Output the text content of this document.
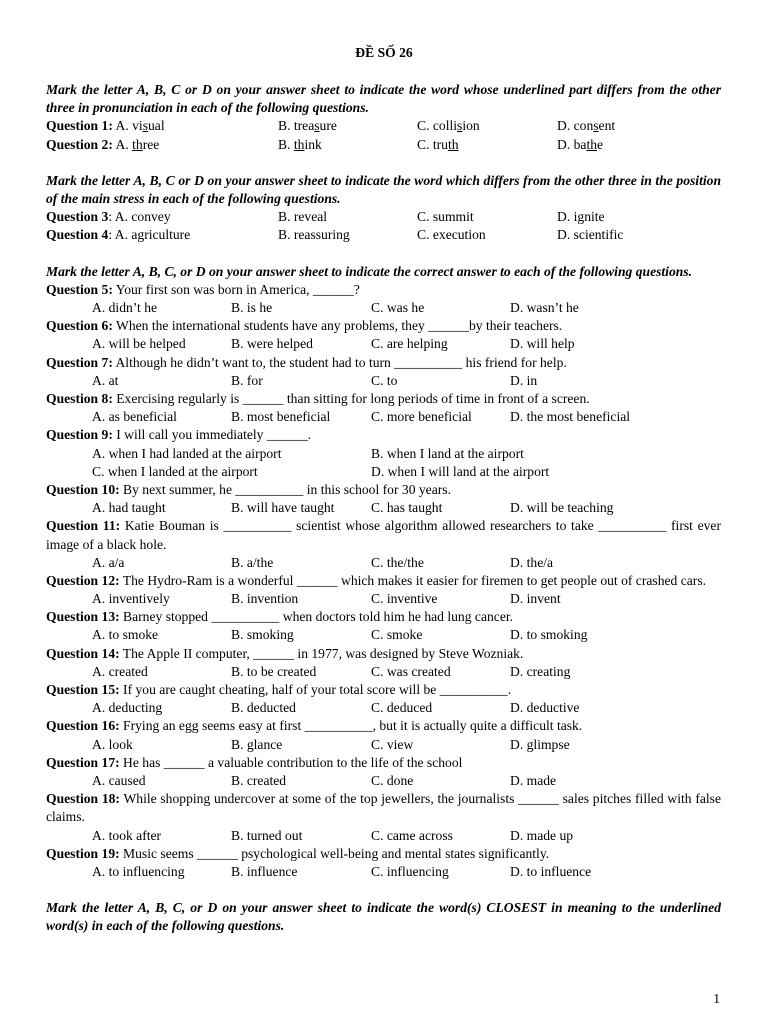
ĐỀ SỐ 26
Mark the letter A, B, C or D on your answer sheet to indicate the word whose underlined part differs from the other three in pronunciation in each of the following questions.
Question 1: A. visual	B. treasure	C. collision	D. consent
Question 2: A. three	B. think	C. truth	D. bathe
Mark the letter A, B, C or D on your answer sheet to indicate the word which differs from the other three in the position of the main stress in each of the following questions.
Question 3: A. convey	B. reveal	C. summit	D. ignite
Question 4: A. agriculture	B. reassuring	C. execution	D. scientific
Mark the letter A, B, C, or D on your answer sheet to indicate the correct answer to each of the following questions.
Question 5: Your first son was born in America, ______?
A. didn’t he	B. is he	C. was he	D. wasn’t he
Question 6: When the international students have any problems, they ______by their teachers.
A. will be helped	B. were helped	C. are helping	D. will help
Question 7: Although he didn’t want to, the student had to turn __________ his friend for help.
A. at	B. for	C. to	D. in
Question 8: Exercising regularly is ______ than sitting for long periods of time in front of a screen.
A. as beneficial	B. most beneficial	C. more beneficial	D. the most beneficial
Question 9: I will call you immediately ______.
A. when I had landed at the airport	B. when I land at the airport
C. when I landed at the airport	D. when I will land at the airport
Question 10: By next summer, he __________ in this school for 30 years.
A. had taught	B. will have taught	C. has taught	D. will be teaching
Question 11: Katie Bouman is __________ scientist whose algorithm allowed researchers to take __________ first ever image of a black hole.
A. a/a	B. a/the	C. the/the	D. the/a
Question 12: The Hydro-Ram is a wonderful ______ which makes it easier for firemen to get people out of crashed cars.
A. inventively	B. invention	C. inventive	D. invent
Question 13: Barney stopped __________ when doctors told him he had lung cancer.
A. to smoke	B. smoking	C. smoke	D. to smoking
Question 14: The Apple II computer, ______ in 1977, was designed by Steve Wozniak.
A. created	B. to be created	C. was created	D. creating
Question 15: If you are caught cheating, half of your total score will be __________.
A. deducting	B. deducted	C. deduced	D. deductive
Question 16: Frying an egg seems easy at first __________, but it is actually quite a difficult task.
A. look	B. glance	C. view	D. glimpse
Question 17: He has ______ a valuable contribution to the life of the school
A. caused	B. created	C. done	D. made
Question 18: While shopping undercover at some of the top jewellers, the journalists ______ sales pitches filled with false claims.
A. took after	B. turned out	C. came across	D. made up
Question 19: Music seems ______ psychological well-being and mental states significantly.
A. to influencing	B. influence	C. influencing	D. to influence
Mark the letter A, B, C, or D on your answer sheet to indicate the word(s) CLOSEST in meaning to the underlined word(s) in each of the following questions.
1
